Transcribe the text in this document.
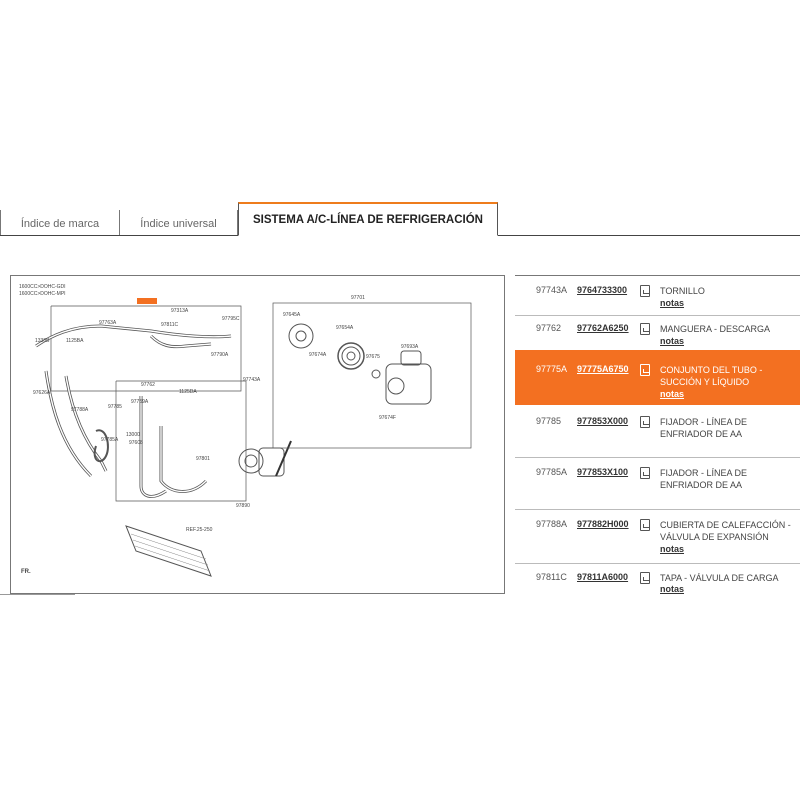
Índice de marca	Índice universal	SISTEMA A/C-LÍNEA DE REFRIGERACIÓN
1600CC>DOHC-GDI
1600CC>DOHC-MPI
1338B	1125BA
97763A
97313A
97811C
97795C
97790A
1125DA
97743A
97626A
97788A	97785
97785A
97762
97759A
13000
97608
97801
97890
97701
97645A
97654A
97674A	97675
97693A
97674F
REF.25-250
FR.
97743A 9764733300	TORNILLO
notas
97762 97762A6250	MANGUERA - DESCARGA
notas
97775A 97775A6750	CONJUNTO DEL TUBO - SUCCIÓN Y LÍQUIDO
notas
97785 977853X000	FIJADOR - LÍNEA DE ENFRIADOR DE AA
97785A 977853X100	FIJADOR - LÍNEA DE ENFRIADOR DE AA
97788A 977882H000	CUBIERTA DE CALEFACCIÓN - VÁLVULA DE EXPANSIÓN
notas
97811C 97811A6000	TAPA - VÁLVULA DE CARGA
notas
